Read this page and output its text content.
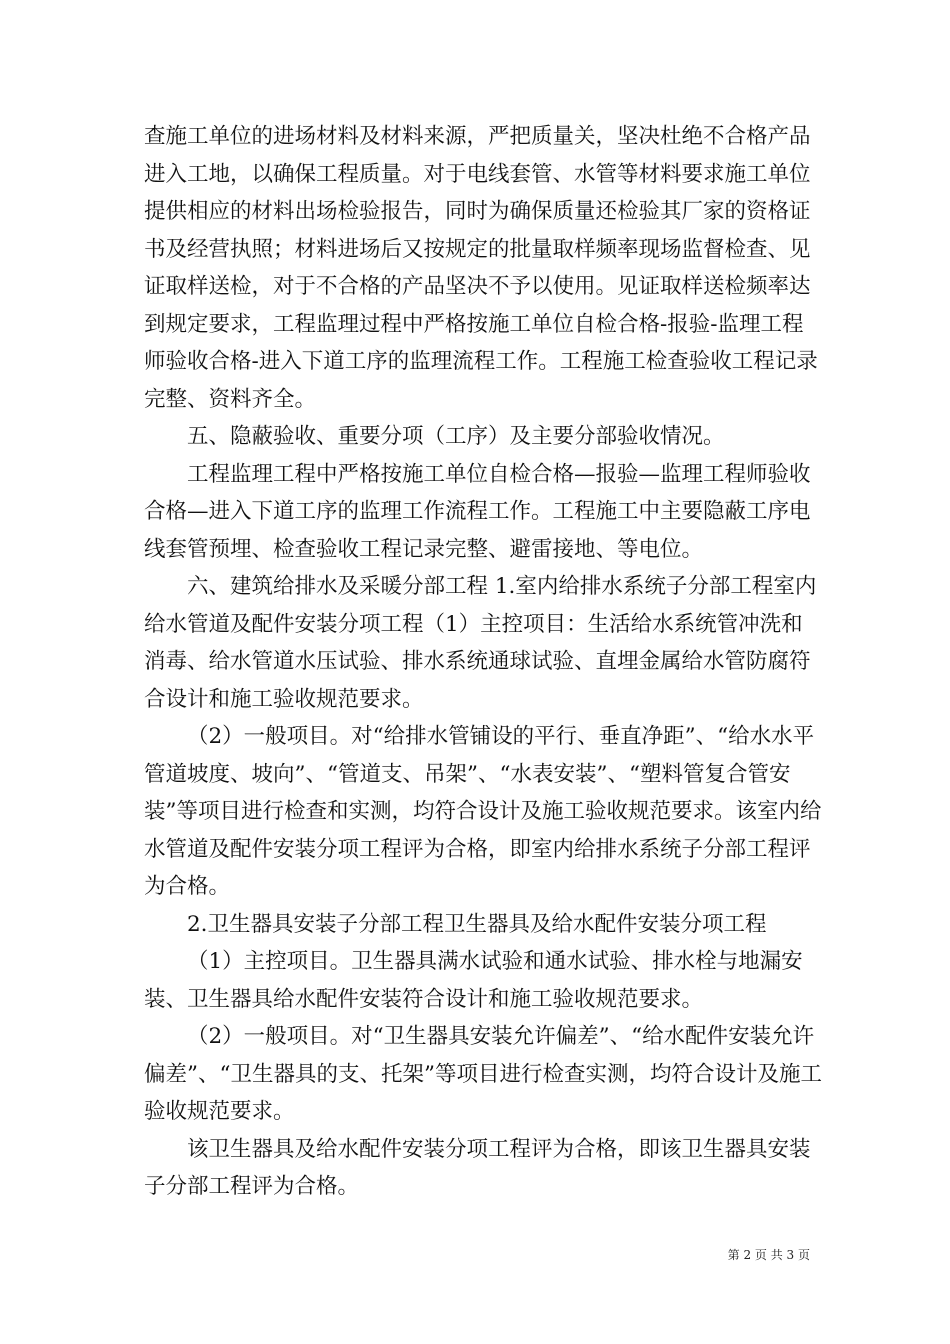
查施工单位的进场材料及材料来源，严把质量关，坚决杜绝不合格产品进入工地，以确保工程质量。对于电线套管、水管等材料要求施工单位提供相应的材料出场检验报告，同时为确保质量还检验其厂家的资格证书及经营执照；材料进场后又按规定的批量取样频率现场监督检查、见证取样送检，对于不合格的产品坚决不予以使用。见证取样送检频率达到规定要求，工程监理过程中严格按施工单位自检合格-报验-监理工程师验收合格-进入下道工序的监理流程工作。工程施工检查验收工程记录完整、资料齐全。

五、隐蔽验收、重要分项（工序）及主要分部验收情况。

工程监理工程中严格按施工单位自检合格—报验—监理工程师验收合格—进入下道工序的监理工作流程工作。工程施工中主要隐蔽工序电线套管预埋、检查验收工程记录完整、避雷接地、等电位。

六、建筑给排水及采暖分部工程 1.室内给排水系统子分部工程室内给水管道及配件安装分项工程（1）主控项目：生活给水系统管冲洗和消毒、给水管道水压试验、排水系统通球试验、直埋金属给水管防腐符合设计和施工验收规范要求。

（2）一般项目。对“给排水管铺设的平行、垂直净距”、“给水水平管道坡度、坡向”、“管道支、吊架”、“水表安装”、“塑料管复合管安装”等项目进行检查和实测，均符合设计及施工验收规范要求。该室内给水管道及配件安装分项工程评为合格，即室内给排水系统子分部工程评为合格。

2.卫生器具安装子分部工程卫生器具及给水配件安装分项工程

（1）主控项目。卫生器具满水试验和通水试验、排水栓与地漏安装、卫生器具给水配件安装符合设计和施工验收规范要求。

（2）一般项目。对“卫生器具安装允许偏差”、“给水配件安装允许偏差”、“卫生器具的支、托架”等项目进行检查实测，均符合设计及施工验收规范要求。

该卫生器具及给水配件安装分项工程评为合格，即该卫生器具安装子分部工程评为合格。

第 2 页 共 3 页
